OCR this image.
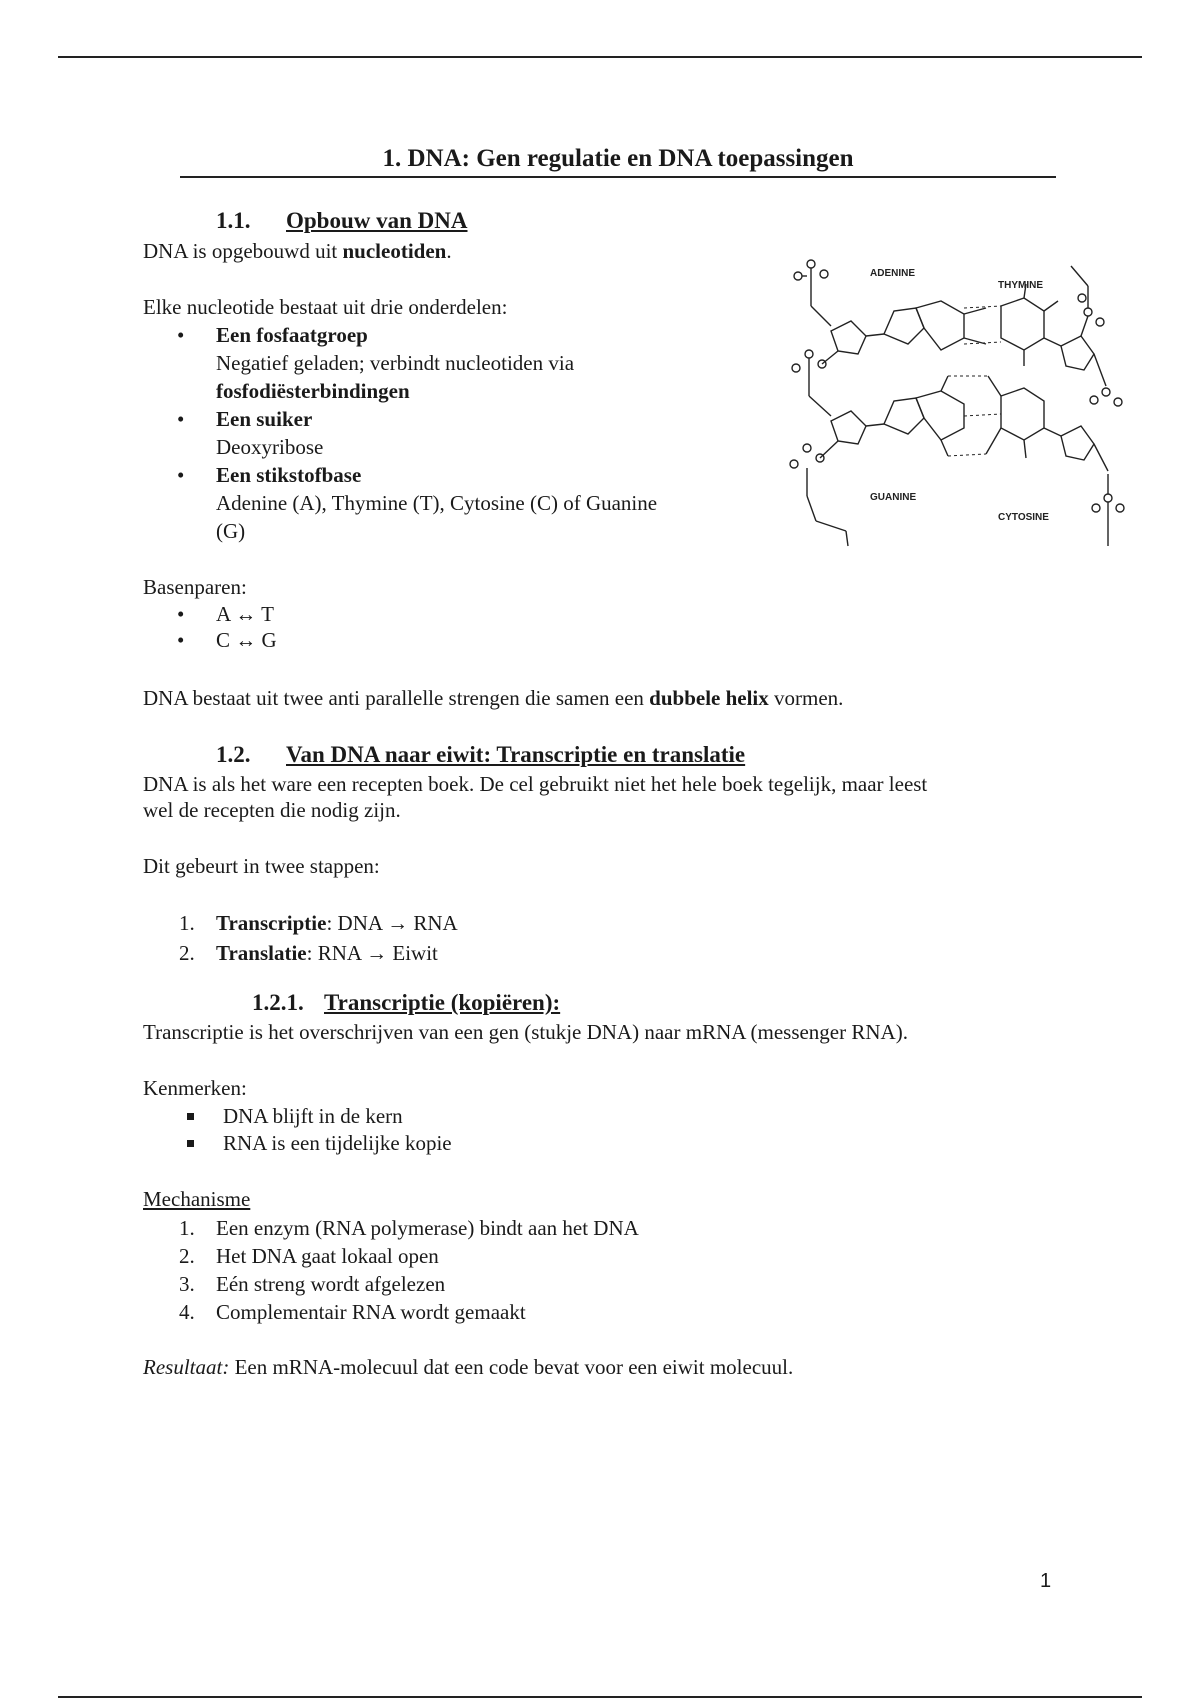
1. DNA: Gen regulatie en DNA toepassingen
1.1. Opbouw van DNA
DNA is opgebouwd uit nucleotiden.
Elke nucleotide bestaat uit drie onderdelen:
• Een fosfaatgroep
Negatief geladen; verbindt nucleotiden via
fosfodiësterbindingen
• Een suiker
Deoxyribose
• Een stikstofbase
Adenine (A), Thymine (T), Cytosine (C) of Guanine
(G)
ADENINE
THYMINE
GUANINE
CYTOSINE
Basenparen:
• A ↔ T
• C ↔ G
DNA bestaat uit twee anti parallelle strengen die samen een dubbele helix vormen.
1.2. Van DNA naar eiwit: Transcriptie en translatie
DNA is als het ware een recepten boek. De cel gebruikt niet het hele boek tegelijk, maar leest
wel de recepten die nodig zijn.
Dit gebeurt in twee stappen:
1. Transcriptie: DNA → RNA
2. Translatie: RNA → Eiwit
1.2.1. Transcriptie (kopiëren):
Transcriptie is het overschrijven van een gen (stukje DNA) naar mRNA (messenger RNA).
Kenmerken:
DNA blijft in de kern
RNA is een tijdelijke kopie
Mechanisme
1. Een enzym (RNA polymerase) bindt aan het DNA
2. Het DNA gaat lokaal open
3. Eén streng wordt afgelezen
4. Complementair RNA wordt gemaakt
Resultaat: Een mRNA-molecuul dat een code bevat voor een eiwit molecuul.
1
